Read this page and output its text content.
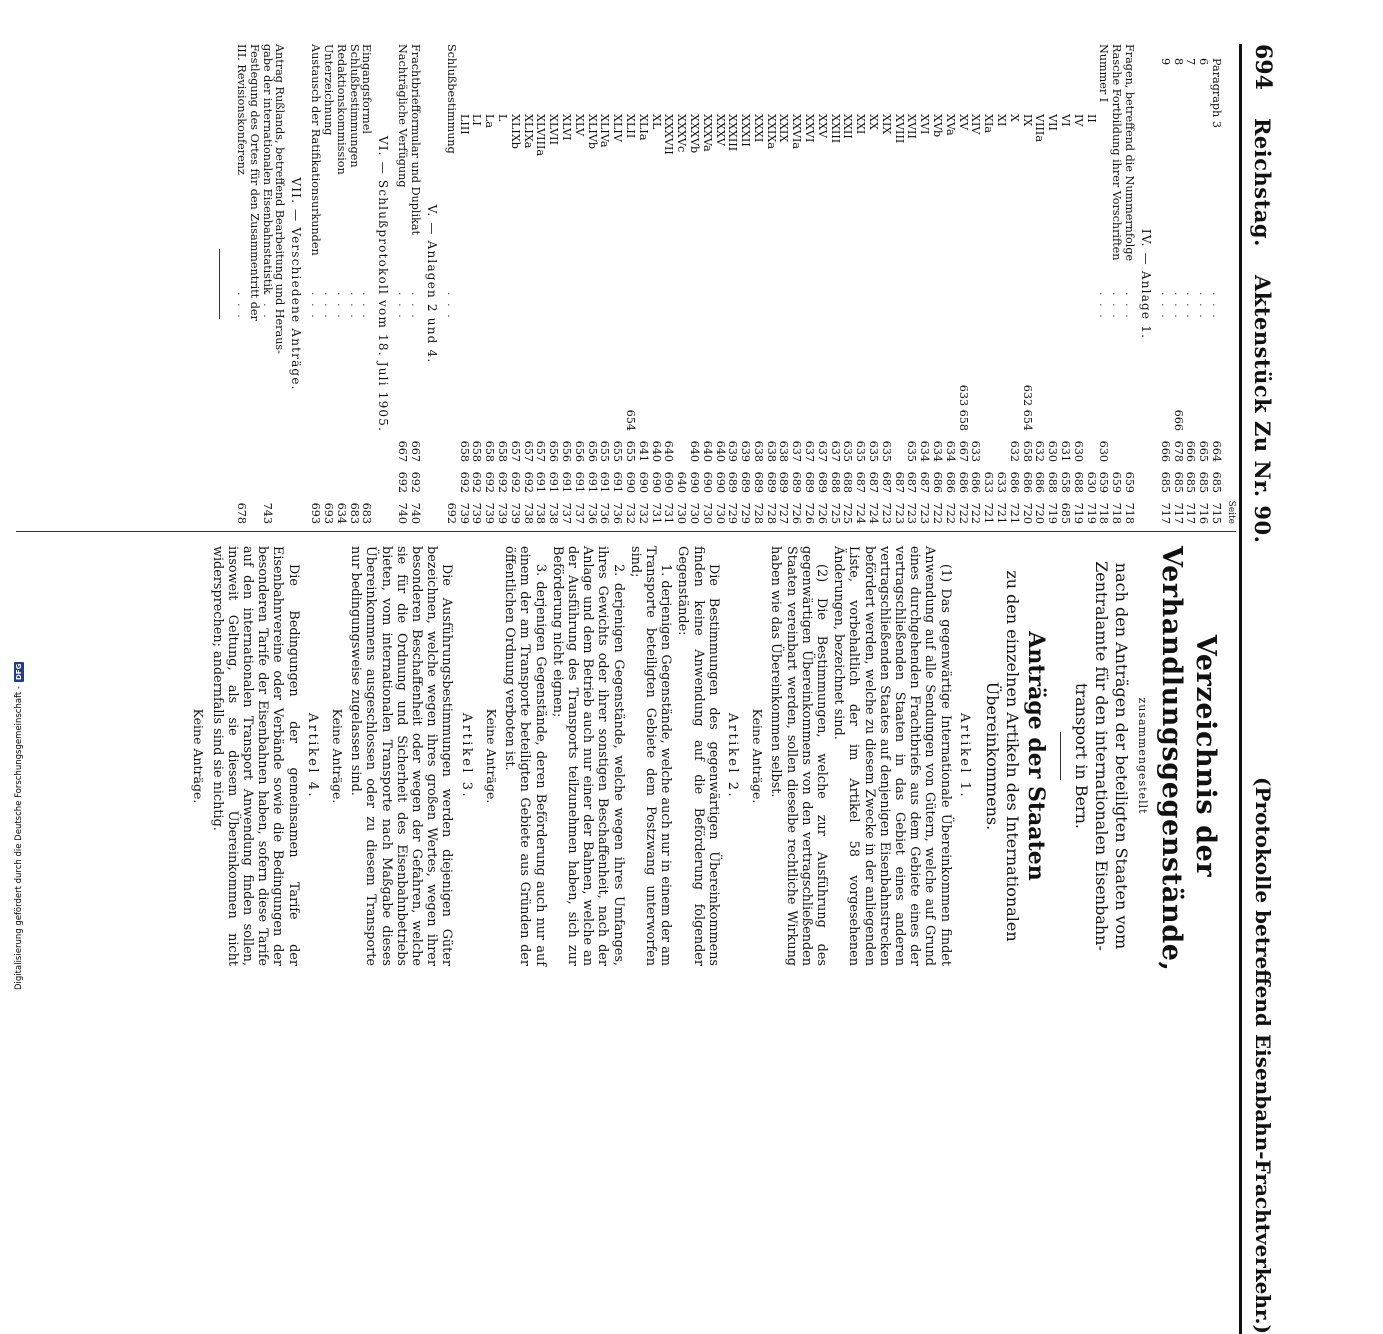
694
Reichstag.
Aktenstück Zu Nr. 90.
(Protokolle betreffend Eisenbahn-Frachtverkehr.)
Seite
Paragraph 3
. . .
664
685
715
6
. . .
665
685
716
7
. . .
666
685
717
8
. . .
666
678
685
717
9
. . .
666
685
717
IV. — Anlage 1.
Fragen, betreffend die Nummernfolge
. . .
659
718
Rasche Fortbildung ihrer Vorschriften
. . .
659
718
Nummer I
. . .
630
659
718
II
630
719
IV
630
688
719
VI
631
658
685
VII
630
688
719
VIIIa
632
686
720
IX
632 654
658
686
720
X
632
686
721
XI
633
721
XIa
633
721
XIV
633
686
722
XV
633 658
667
686
722
XVa
634
686
722
XVb
634
686
722
XVI
634
687
723
XVII
635
687
723
XVIII
687
723
XIX
635
687
723
XX
635
687
724
XXI
635
687
724
XXII
635
688
725
XXIII
637
688
725
XXV
637
689
726
XXVI
637
689
726
XXVIa
637
689
726
XXIX
638
689
727
XXIXa
638
689
728
XXXI
638
689
728
XXXII
639
689
729
XXXIII
639
689
729
XXXV
640
690
730
XXXVa
640
690
730
XXXVb
640
690
730
XXXVc
640
730
XXXVII
640
690
731
XL
640
690
731
XLIa
641
690
732
XLII
654
655
690
732
XLIV
655
691
736
XLIVa
655
691
736
XLIVb
656
691
736
XLV
656
691
737
XLVI
656
691
737
XLVII
656
691
738
XLVIIIa
657
691
738
XLIXa
657
692
738
XLIXb
657
692
739
L
658
692
739
La
658
692
739
LI
658
692
739
LIII
658
692
739
Schlußbestimmung
. . .
692
V. — Anlagen 2 und 4.
Frachtbriefformular und Duplikat
. . .
667
692
740
Nachträgliche Verfügung
. . .
667
692
740
VI. — Schlußprotokoll vom 18. Juli 1905.
Eingangsformel
. . .
683
Schlußbestimmungen
. . .
683
Redaktionskommission
. . .
634
Unterzeichnung
. . .
693
Austausch der Ratifikationsurkunden
. . .
693
VII. — Verschiedene Anträge.
Antrag Rußlands, betreffend Bearbeitung und Heraus-
gabe der internationalen Eisenbahnstatistik
. . .
743
Festlegung des Ortes für den Zusammentritt der
III. Revisionskonferenz
. . .
678
Verzeichnis der Verhandlungsgegenstände,
zusammengestellt
nach den Anträgen der beteiligten Staaten vom Zentralamte für den internationalen Eisenbahn- transport in Bern.
Anträge der Staaten
zu den einzelnen Artikeln des Internationalen Übereinkommens.
Artikel 1.

(1) Das gegenwärtige Internationale Übereinkommen findet Anwendung auf alle Sendungen von Gütern, welche auf Grund eines durchgehenden Frachtbriefs aus dem Gebiete eines der vertragschließenden Staaten in das Gebiet eines anderen vertragschließenden Staates auf denjenigen Eisenbahnstrecken befördert werden, welche zu diesem Zwecke in der anliegenden Liste, vorbehaltlich der im Artikel 58 vorgesehenen Änderungen, bezeichnet sind.

(2) Die Bestimmungen, welche zur Ausführung des gegenwärtigen Übereinkommens von den vertragschließenden Staaten vereinbart werden, sollen dieselbe rechtliche Wirkung haben wie das Übereinkommen selbst.

Keine Anträge.
Artikel 2.

Die Bestimmungen des gegenwärtigen Übereinkommens finden keine Anwendung auf die Beförderung folgender Gegenstände:

1. derjenigen Gegenstände, welche auch nur in einem der am Transporte beteiligten Gebiete dem Postzwang unterworfen sind;

2. derjenigen Gegenstände, welche wegen ihres Umfanges, ihres Gewichts oder ihrer sonstigen Beschaffenheit, nach der Anlage und dem Betrieb auch nur einer der Bahnen, welche an der Ausführung des Transports teilzunehmen haben, sich zur Beförderung nicht eignen;

3. derjenigen Gegenstände, deren Beförderung auch nur auf einem der am Transporte beteiligten Gebiete aus Gründen der öffentlichen Ordnung verboten ist.

Keine Anträge.
Artikel 3.

Die Ausführungsbestimmungen werden diejenigen Güter bezeichnen, welche wegen ihres großen Wertes, wegen ihrer besonderen Beschaffenheit oder wegen der Gefahren, welche sie für die Ordnung und Sicherheit des Eisenbahnbetriebs bieten, vom internationalen Transporte nach Maßgabe dieses Übereinkommens ausgeschlossen oder zu diesem Transporte nur bedingungsweise zugelassen sind.

Keine Anträge.
Artikel 4.

Die Bedingungen der gemeinsamen Tarife der Eisenbahnvereine oder Verbände sowie die Bedingungen der besonderen Tarife der Eisenbahnen haben, sofern diese Tarife auf den internationalen Transport Anwendung finden sollen, insoweit Geltung, als sie diesem Übereinkommen nicht widersprechen; andernfalls sind sie nichtig.

Keine Anträge.
Digitalisierung gefördert durch die Deutsche Forschungsgemeinschaft -
DFG
